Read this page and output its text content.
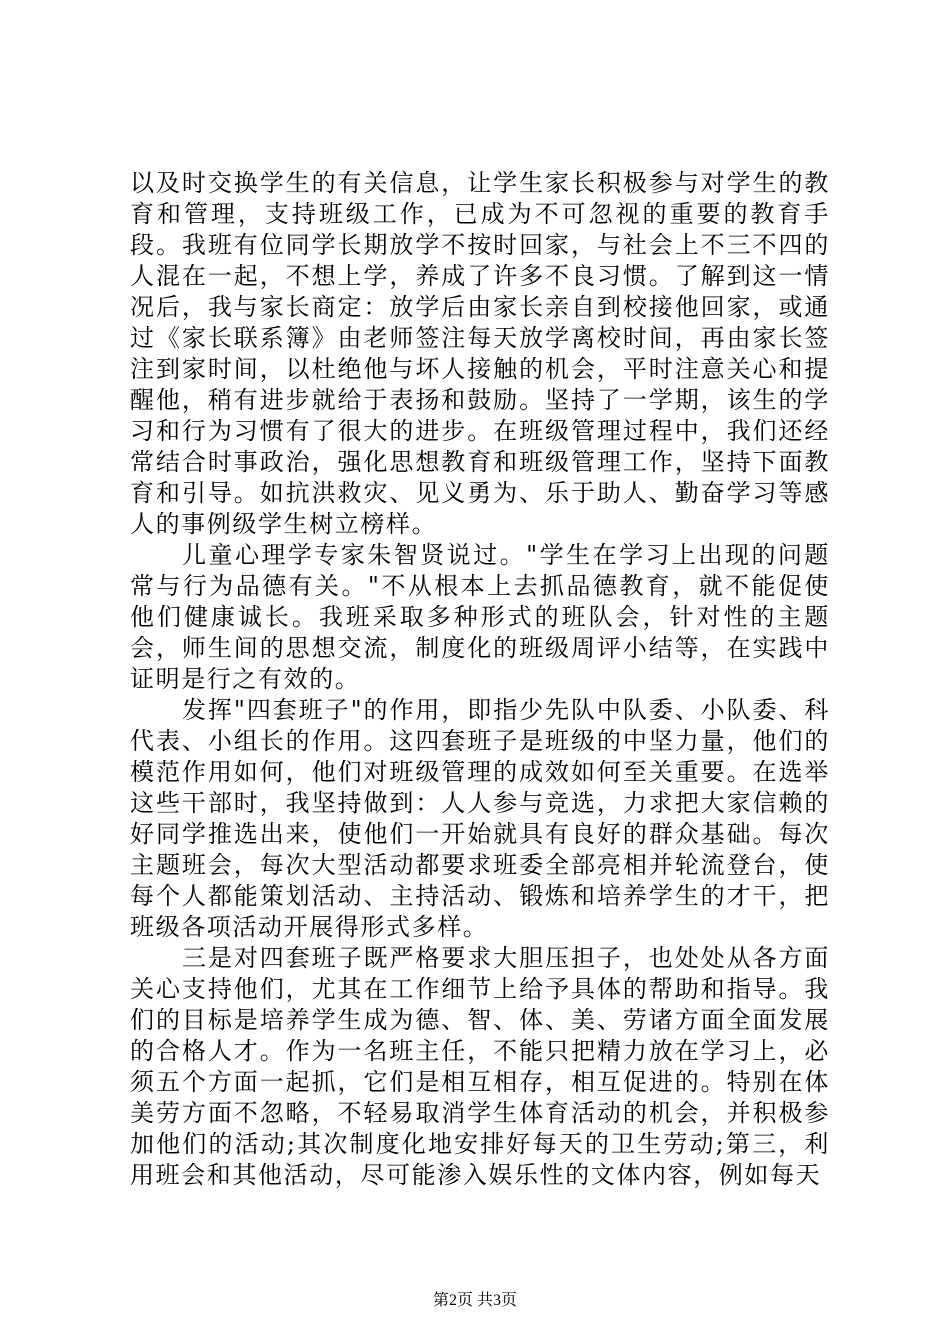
以及时交换学生的有关信息，让学生家长积极参与对学生的教育和管理，支持班级工作，已成为不可忽视的重要的教育手段。我班有位同学长期放学不按时回家，与社会上不三不四的人混在一起，不想上学，养成了许多不良习惯。了解到这一情况后，我与家长商定：放学后由家长亲自到校接他回家，或通过《家长联系簿》由老师签注每天放学离校时间，再由家长签注到家时间，以杜绝他与坏人接触的机会，平时注意关心和提醒他，稍有进步就给于表扬和鼓励。坚持了一学期，该生的学习和行为习惯有了很大的进步。在班级管理过程中，我们还经常结合时事政治，强化思想教育和班级管理工作，坚持下面教育和引导。如抗洪救灾、见义勇为、乐于助人、勤奋学习等感人的事例级学生树立榜样。

儿童心理学专家朱智贤说过。"学生在学习上出现的问题常与行为品德有关。"不从根本上去抓品德教育，就不能促使他们健康诚长。我班采取多种形式的班队会，针对性的主题会，师生间的思想交流，制度化的班级周评小结等，在实践中证明是行之有效的。

发挥"四套班子"的作用，即指少先队中队委、小队委、科代表、小组长的作用。这四套班子是班级的中坚力量，他们的模范作用如何，他们对班级管理的成效如何至关重要。在选举这些干部时，我坚持做到：人人参与竞选，力求把大家信赖的好同学推选出来，使他们一开始就具有良好的群众基础。每次主题班会，每次大型活动都要求班委全部亮相并轮流登台，使每个人都能策划活动、主持活动、锻炼和培养学生的才干，把班级各项活动开展得形式多样。

三是对四套班子既严格要求大胆压担子，也处处从各方面关心支持他们，尤其在工作细节上给予具体的帮助和指导。我们的目标是培养学生成为德、智、体、美、劳诸方面全面发展的合格人才。作为一名班主任，不能只把精力放在学习上，必须五个方面一起抓，它们是相互相存，相互促进的。特别在体美劳方面不忽略，不轻易取消学生体育活动的机会，并积极参加他们的活动;其次制度化地安排好每天的卫生劳动;第三，利用班会和其他活动，尽可能渗入娱乐性的文体内容，例如每天

第2页 共3页
